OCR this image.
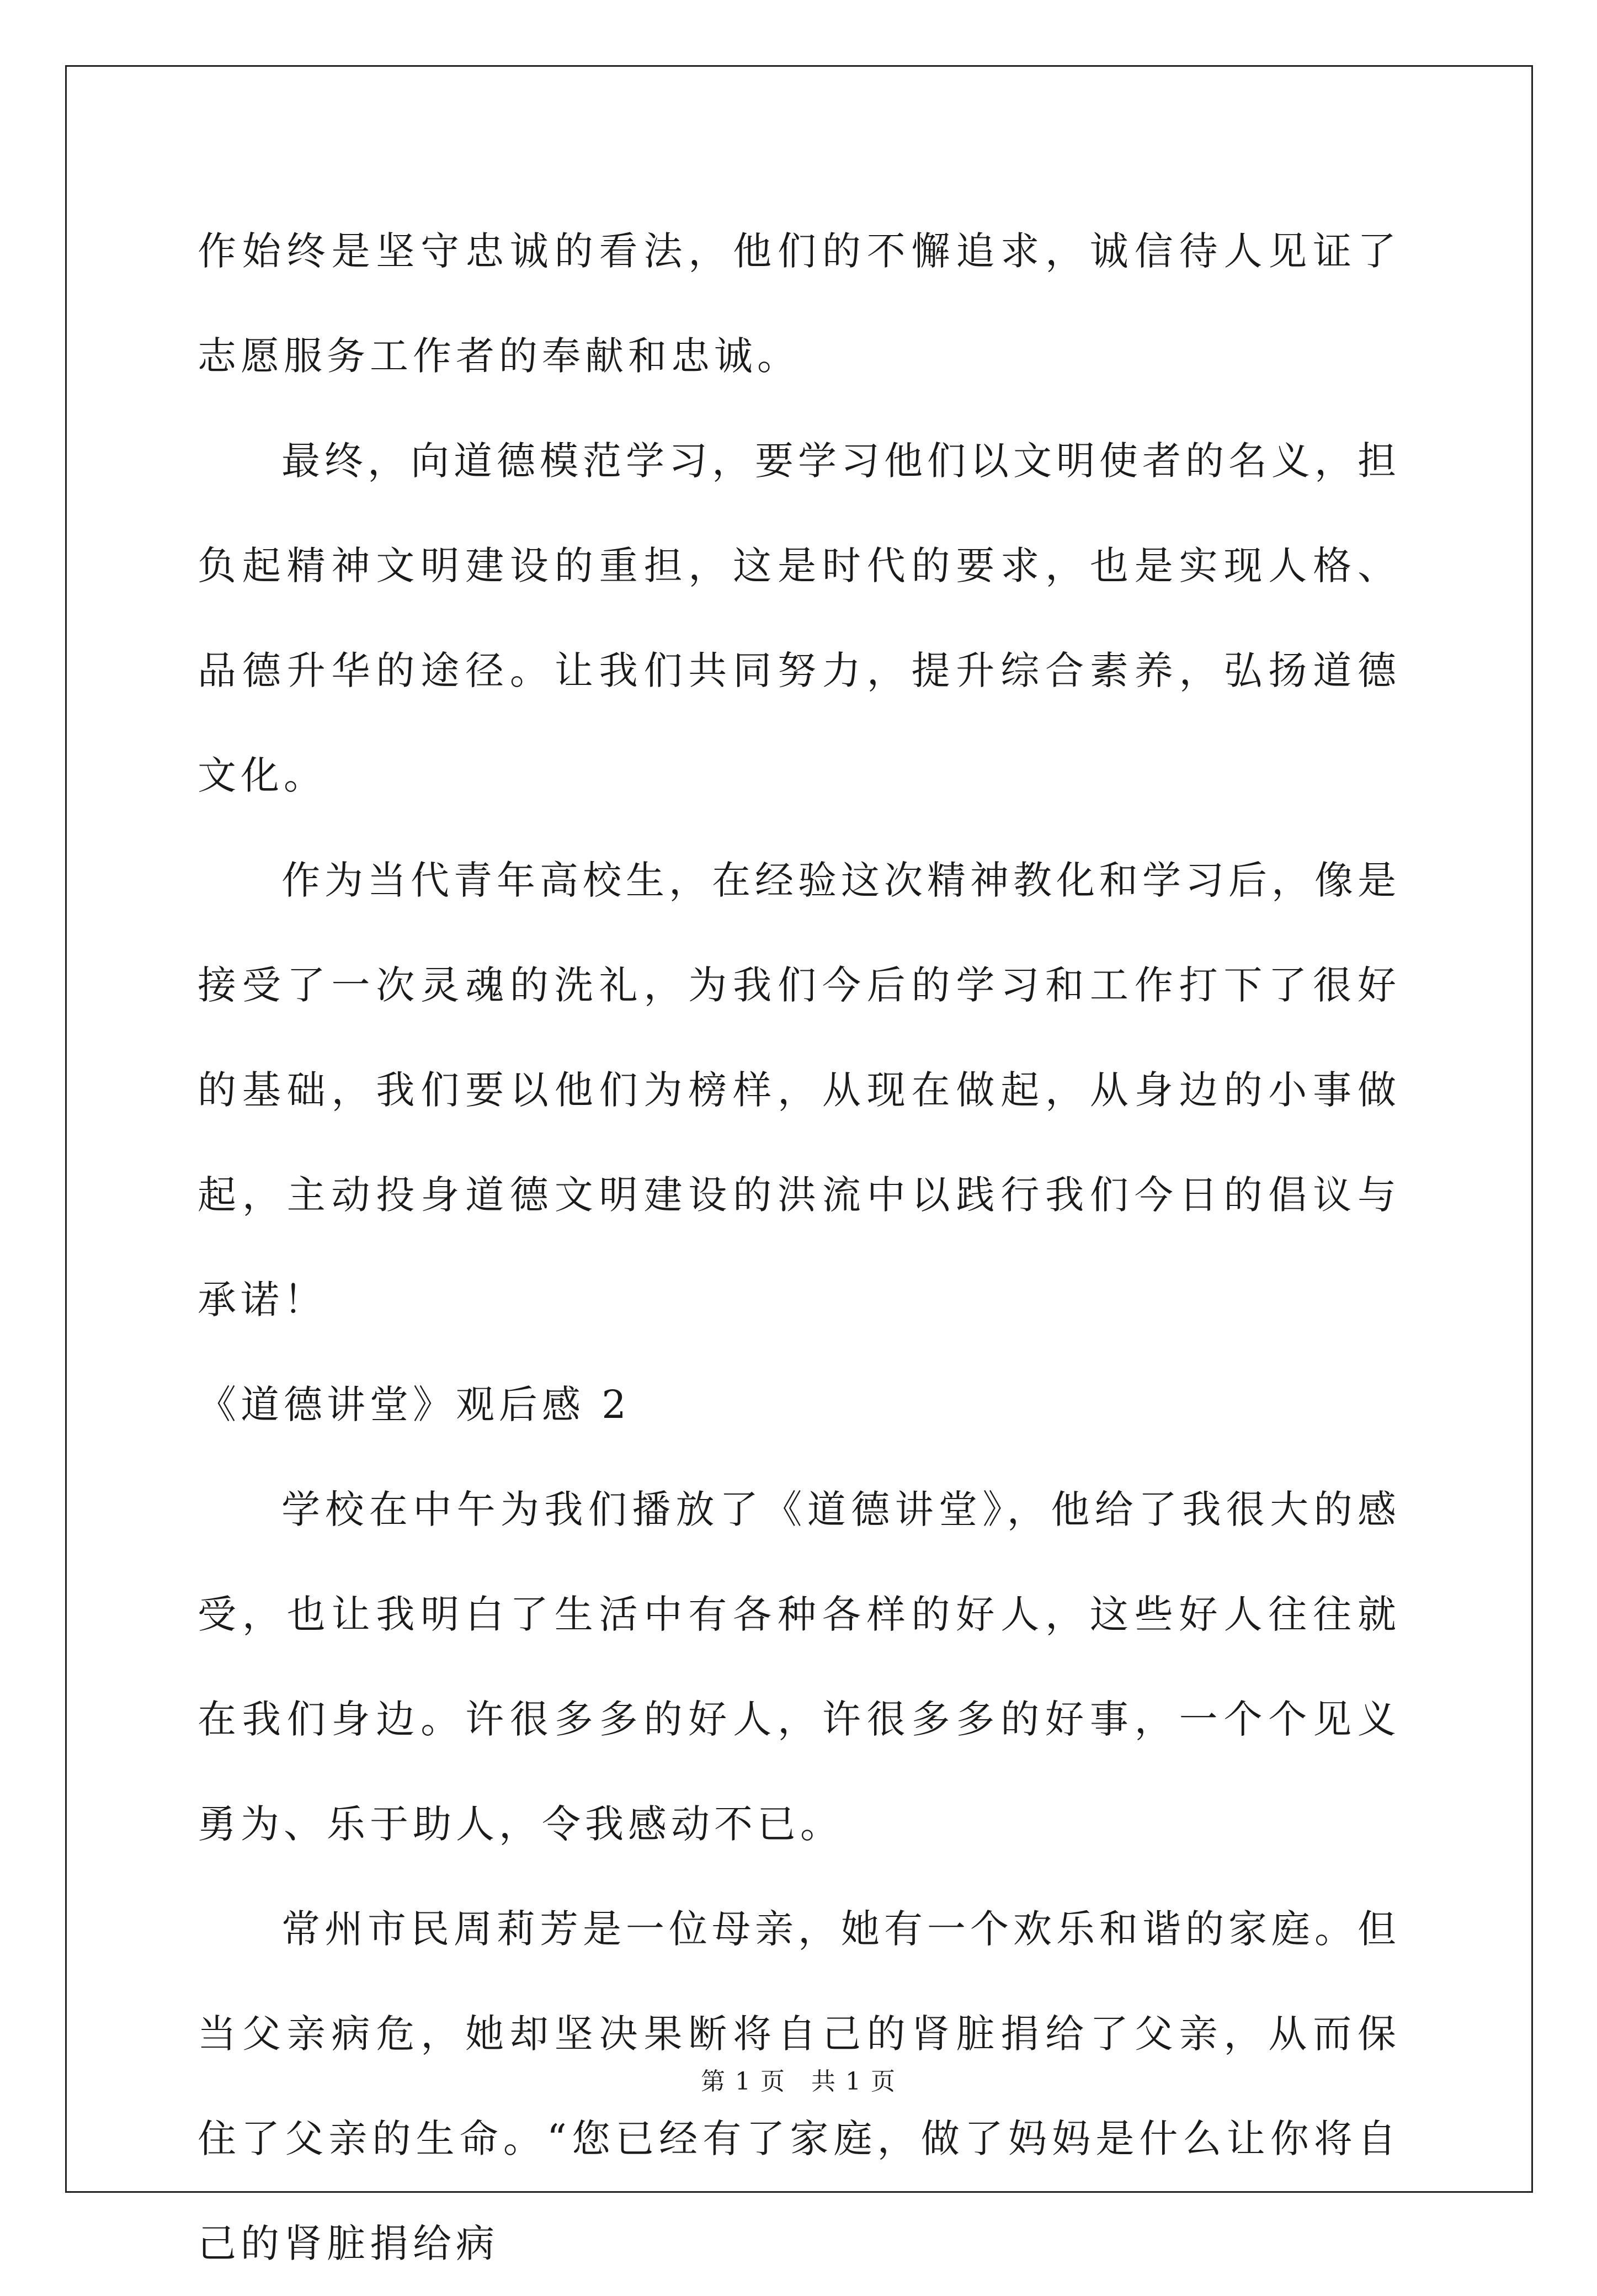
作始终是坚守忠诚的看法，他们的不懈追求，诚信待人见证了志愿服务工作者的奉献和忠诚。

最终，向道德模范学习，要学习他们以文明使者的名义，担负起精神文明建设的重担，这是时代的要求，也是实现人格、品德升华的途径。让我们共同努力，提升综合素养，弘扬道德文化。

作为当代青年高校生，在经验这次精神教化和学习后，像是接受了一次灵魂的洗礼，为我们今后的学习和工作打下了很好的基础，我们要以他们为榜样，从现在做起，从身边的小事做起，主动投身道德文明建设的洪流中以践行我们今日的倡议与承诺！

《道德讲堂》观后感 2

学校在中午为我们播放了《道德讲堂》，他给了我很大的感受，也让我明白了生活中有各种各样的好人，这些好人往往就在我们身边。许很多多的好人，许很多多的好事，一个个见义勇为、乐于助人，令我感动不已。

常州市民周莉芳是一位母亲，她有一个欢乐和谐的家庭。但当父亲病危，她却坚决果断将自己的肾脏捐给了父亲，从而保住了父亲的生命。“您已经有了家庭，做了妈妈是什么让你将自己的肾脏捐给病

第 1 页　共 1 页
